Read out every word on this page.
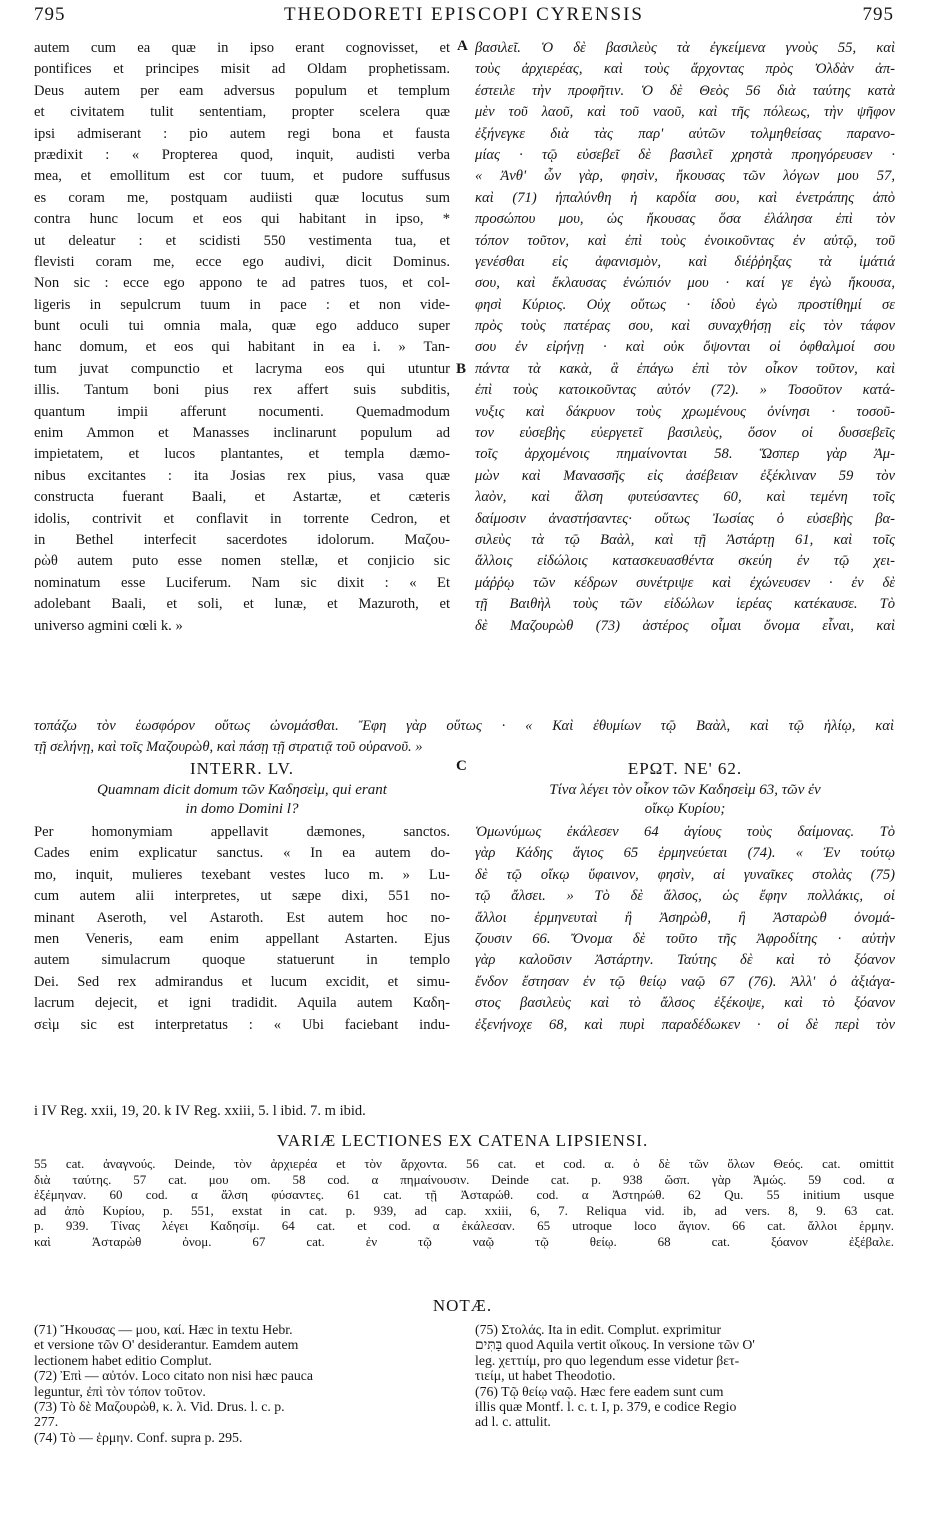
795	THEODORETI EPISCOPI CYRENSIS	795
autem cum ea quæ in ipso erant cognovisset, et
pontifices et principes misit ad Oldam prophetissam.
Deus autem per eam adversus populum et templum
et civitatem tulit sententiam, propter scelera quæ
ipsi admiserant : pio autem regi bona et fausta
prædixit : « Propterea quod, inquit, audisti verba
mea, et emollitum est cor tuum, et pudore suffusus
es coram me, postquam audiisti quæ locutus sum
contra hunc locum et eos qui habitant in ipso, *
ut deleatur : et scidisti 550 vestimenta tua, et
flevisti coram me, ecce ego audivi, dicit Dominus.
Non sic : ecce ego appono te ad patres tuos, et col-
ligeris in sepulcrum tuum in pace : et non vide-
bunt oculi tui omnia mala, quæ ego adduco super
hanc domum, et eos qui habitant in ea i. » Tan-
tum juvat compunctio et lacryma eos qui utuntur
illis. Tantum boni pius rex affert suis subditis,
quantum impii afferunt nocumenti. Quemadmodum
enim Ammon et Manasses inclinarunt populum ad
impietatem, et lucos plantantes, et templa dæmo-
nibus excitantes : ita Josias rex pius, vasa quæ
constructa fuerant Baali, et Astartæ, et cæteris
idolis, contrivit et conflavit in torrente Cedron, et
in Bethel interfecit sacerdotes idolorum. Μαζου-
ρὼθ autem puto esse nomen stellæ, et conjicio sic
nominatum esse Luciferum. Nam sic dixit : « Et
adolebant Baali, et soli, et lunæ, et Mazuroth, et
universo agmini cœli k. »
βασιλεῖ. Ὁ δὲ βασιλεὺς τὰ ἐγκείμενα γνοὺς 55, καὶ
τοὺς ἀρχιερέας, καὶ τοὺς ἄρχοντας πρὸς Ὀλδὰν ἀπ-
έστειλε τὴν προφῆτιν. Ὁ δὲ Θεὸς 56 διὰ ταύτης κατὰ
μὲν τοῦ λαοῦ, καὶ τοῦ ναοῦ, καὶ τῆς πόλεως, τὴν ψῆφον
ἐξήνεγκε διὰ τὰς παρ' αὐτῶν τολμηθείσας παρανο-
μίας · τῷ εὐσεβεῖ δὲ βασιλεῖ χρηστὰ προηγόρευσεν ·
« Ἀνθ' ὧν γὰρ, φησὶν, ἤκουσας τῶν λόγων μου 57,
καὶ (71) ἠπαλύνθη ἡ καρδία σου, καὶ ἐνετράπης ἀπὸ
προσώπου μου, ὡς ἤκουσας ὅσα ἐλάλησα ἐπὶ τὸν
τόπον τοῦτον, καὶ ἐπὶ τοὺς ἐνοικοῦντας ἐν αὐτῷ, τοῦ
γενέσθαι εἰς ἀφανισμὸν, καὶ διέῤῥηξας τὰ ἱμάτιά
σου, καὶ ἔκλαυσας ἐνώπιόν μου · καί γε ἐγὼ ἤκουσα,
φησὶ Κύριος. Οὐχ οὕτως · ἰδοὺ ἐγὼ προστίθημί σε
πρὸς τοὺς πατέρας σου, καὶ συναχθήσῃ εἰς τὸν τάφον
σου ἐν εἰρήνῃ · καὶ οὐκ ὄψονται οἱ ὀφθαλμοί σου
πάντα τὰ κακὰ, ἃ ἐπάγω ἐπὶ τὸν οἶκον τοῦτον, καὶ
ἐπὶ τοὺς κατοικοῦντας αὐτόν (72). » Τοσοῦτον κατά-
νυξις καὶ δάκρυον τοὺς χρωμένους ὀνίνησι · τοσοῦ-
τον εὐσεβὴς εὐεργετεῖ βασιλεὺς, ὅσον οἱ δυσσεβεῖς
τοῖς ἀρχομένοις πημαίνονται 58. Ὥσπερ γὰρ Ἀμ-
μὼν καὶ Μανασσῆς εἰς ἀσέβειαν ἐξέκλιναν 59 τὸν
λαὸν, καὶ ἄλση φυτεύσαντες 60, καὶ τεμένη τοῖς
δαίμοσιν ἀναστήσαντες· οὕτως Ἰωσίας ὁ εὐσεβὴς βα-
σιλεὺς τὰ τῷ Βαὰλ, καὶ τῇ Ἀστάρτῃ 61, καὶ τοῖς
ἄλλοις εἰδώλοις κατασκευασθέντα σκεύη ἐν τῷ χει-
μάῤῥῳ τῶν κέδρων συνέτριψε καὶ ἐχώνευσεν · ἐν δὲ
τῇ Βαιθὴλ τοὺς τῶν εἰδώλων ἱερέας κατέκαυσε. Τὸ
δὲ Μαζουρὼθ (73) ἀστέρος οἶμαι ὄνομα εἶναι, καὶ
A
B
C
τοπάζω τὸν ἑωσφόρον οὕτως ὠνομάσθαι. Ἔφη γὰρ οὕτως · « Καὶ ἐθυμίων τῷ Βαὰλ, καὶ τῷ ἡλίῳ, καὶ
τῇ σελήνῃ, καὶ τοῖς Μαζουρὼθ, καὶ πάσῃ τῇ στρατιᾷ τοῦ οὐρανοῦ. »
INTERR. LV.	ΕΡΩΤ. ΝΕ' 62.
Quamnam dicit domum τῶν Καδησεὶμ, qui erant
in domo Domini l?
Τίνα λέγει τὸν οἶκον τῶν Καδησεὶμ 63, τῶν ἐν
οἴκῳ Κυρίου;
Per homonymiam appellavit dæmones, sanctos.
Cades enim explicatur sanctus. « In ea autem do-
mo, inquit, mulieres texebant vestes luco m. » Lu-
cum autem alii interpretes, ut sæpe dixi, 551 no-
minant Aseroth, vel Astaroth. Est autem hoc no-
men Veneris, eam enim appellant Astarten. Ejus
autem simulacrum quoque statuerunt in templo
Dei. Sed rex admirandus et lucum excidit, et simu-
lacrum dejecit, et igni tradidit. Aquila autem Καδη-
σεὶμ sic est interpretatus : « Ubi faciebant indu-
Ὁμωνύμως ἐκάλεσεν 64 ἁγίους τοὺς δαίμονας. Τὸ
γὰρ Κάδης ἅγιος 65 ἑρμηνεύεται (74). « Ἐν τούτῳ
δὲ τῷ οἴκῳ ὕφαινον, φησὶν, αἱ γυναῖκες στολὰς (75)
τῷ ἄλσει. » Τὸ δὲ ἄλσος, ὡς ἔφην πολλάκις, οἱ
ἄλλοι ἑρμηνευταὶ ἢ Ἀσηρὼθ, ἢ Ἀσταρὼθ ὀνομά-
ζουσιν 66. Ὄνομα δὲ τοῦτο τῆς Ἀφροδίτης · αὐτὴν
γὰρ καλοῦσιν Ἀστάρτην. Ταύτης δὲ καὶ τὸ ξόανον
ἔνδον ἔστησαν ἐν τῷ θείῳ ναῷ 67 (76). Ἀλλ' ὁ ἀξιάγα-
στος βασιλεὺς καὶ τὸ ἄλσος ἐξέκοψε, καὶ τὸ ξόανον
ἐξενήνοχε 68, καὶ πυρὶ παραδέδωκεν · οἱ δὲ περὶ τὸν
i IV Reg. xxii, 19, 20. k IV Reg. xxiii, 5. l ibid. 7. m ibid.
VARIÆ LECTIONES EX CATENA LIPSIENSI.
55 cat. ἀναγνούς. Deinde, τὸν ἀρχιερέα et τὸν ἄρχοντα. 56 cat. et cod. α. ὁ δὲ τῶν ὅλων Θεός. cat. omittit
διὰ ταύτης. 57 cat. μου om. 58 cod. α πημαίνουσιν. Deinde cat. p. 938 ὥσπ. γὰρ Ἀμώς. 59 cod. α
ἐξέμηναν. 60 cod. α ἄλση φύσαντες. 61 cat. τῇ Ἀσταρώθ. cod. α Ἀστηρώθ. 62 Qu. 55 initium usque
ad ἀπὸ Κυρίου, p. 551, exstat in cat. p. 939, ad cap. xxiii, 6, 7. Reliqua vid. ib, ad vers. 8, 9. 63 cat.
p. 939. Τίνας λέγει Καδησίμ. 64 cat. et cod. α ἐκάλεσαν. 65 utroque loco ἅγιον. 66 cat. ἄλλοι ἑρμην.
καὶ Ἀσταρὼθ ὀνομ. 67 cat. ἐν τῷ ναῷ τῷ θείῳ. 68 cat. ξόανον ἐξέβαλε.
NOTÆ.
(71) Ἤκουσας — μου, καί. Hæc in textu Hebr.
et versione τῶν O' desiderantur. Eamdem autem
lectionem habet editio Complut.
(72) Ἐπὶ — αὐτόν. Loco citato non nisi hæc pauca
leguntur, ἐπὶ τὸν τόπον τοῦτον.
(73) Τὸ δὲ Μαζουρὼθ, κ. λ. Vid. Drus. l. c. p.
277.
(74) Τὸ — ἑρμην. Conf. supra p. 295.
(75) Στολάς. Ita in edit. Complut. exprimitur
בָּתִּים quod Aquila vertit οἴκους. In versione τῶν O'
leg. χεττιίμ, pro quo legendum esse videtur βετ-
τιείμ, ut habet Theodotio.
(76) Τῷ θείῳ ναῷ. Hæc fere eadem sunt cum
illis quæ Montf. l. c. t. I, p. 379, e codice Regio
ad l. c. attulit.
